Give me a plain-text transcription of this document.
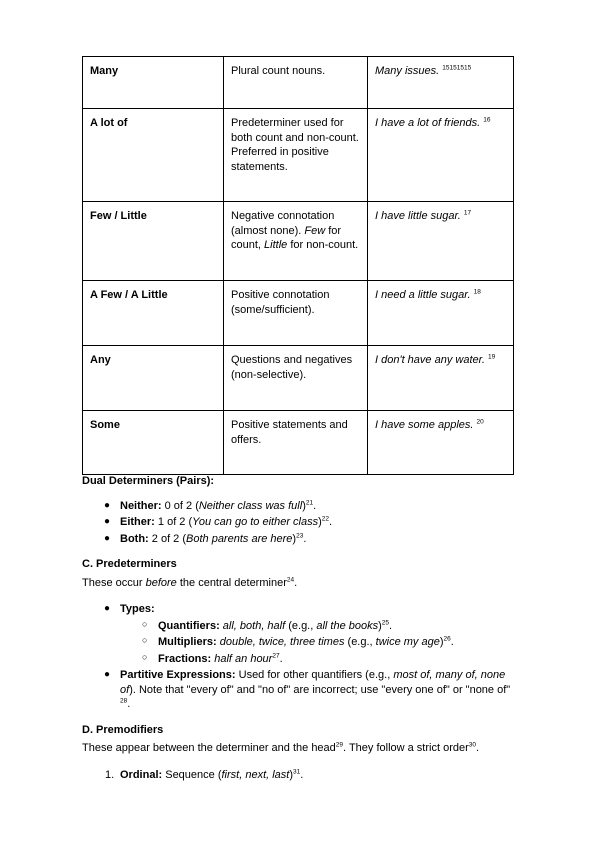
Many	Plural count nouns.	Many issues. $^{15151515}$
A lot of	Predeterminer used for both count and non-count. Preferred in positive statements.	I have a lot of friends. $^{16}$
Few / Little	Negative connotation (almost none). Few for count, Little for non-count.	I have little sugar. $^{17}$
A Few / A Little	Positive connotation (some/sufficient).	I need a little sugar. $^{18}$
Any	Questions and negatives (non-selective).	I don't have any water. $^{19}$
Some	Positive statements and offers.	I have some apples. $^{20}$

Dual Determiners (Pairs):

● Neither: 0 of 2 (Neither class was full)$^{21}$.
● Either: 1 of 2 (You can go to either class)$^{22}$.
● Both: 2 of 2 (Both parents are here)$^{23}$.

C. Predeterminers

These occur before the central determiner$^{24}$.

● Types:
○ Quantifiers: all, both, half (e.g., all the books)$^{25}$.
○ Multipliers: double, twice, three times (e.g., twice my age)$^{26}$.
○ Fractions: half an hour$^{27}$.
● Partitive Expressions: Used for other quantifiers (e.g., most of, many of, none of). Note that "every of" and "no of" are incorrect; use "every one of" or "none of" $^{28}$.

D. Premodifiers

These appear between the determiner and the head$^{29}$. They follow a strict order$^{30}$.

1. Ordinal: Sequence (first, next, last)$^{31}$.
